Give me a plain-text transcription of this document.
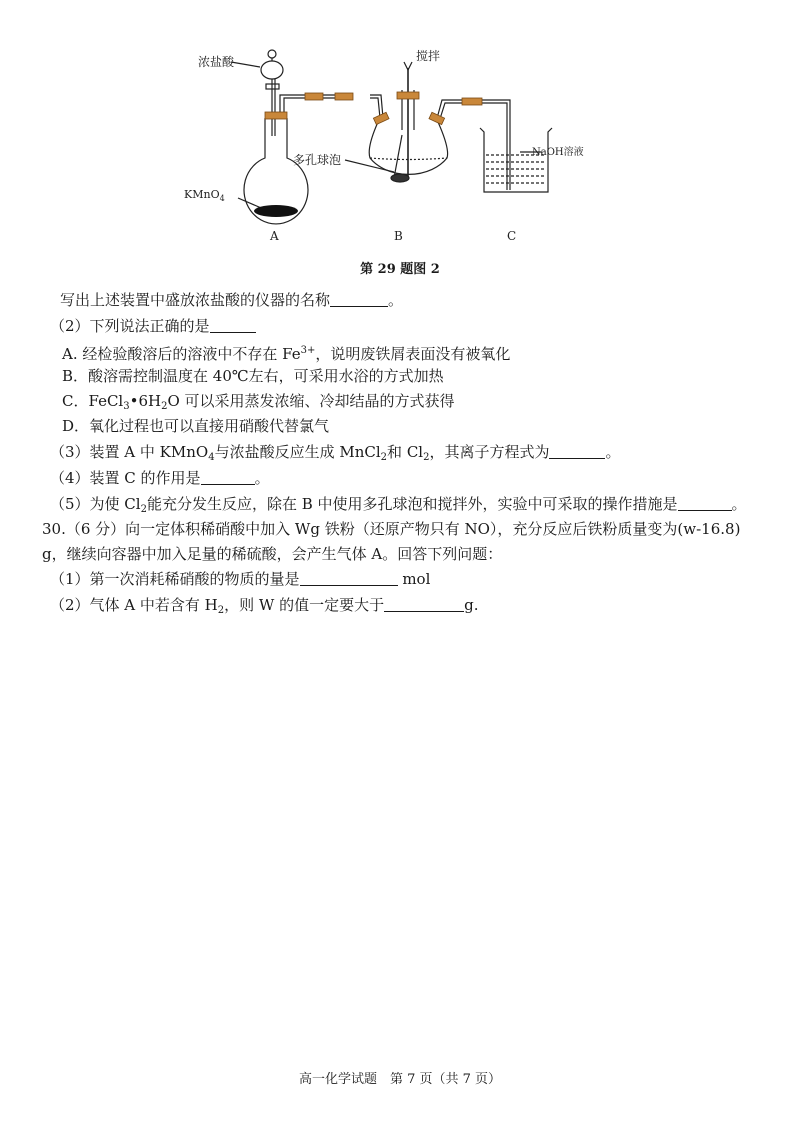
浓盐酸	搅拌
多孔球泡
NaOH溶液
KMnO$_4$
A	B	C
第 29 题图 2
写出上述装置中盛放浓盐酸的仪器的名称	。
（2）下列说法正确的是
A. 经检验酸溶后的溶液中不存在 $Fe^{3+}$，说明废铁屑表面没有被氧化
B．酸溶需控制温度在 40℃左右，可采用水浴的方式加热
C．$FeCl_3•6H_2O$ 可以采用蒸发浓缩、冷却结晶的方式获得
D．氧化过程也可以直接用硝酸代替氯气
（3）装置 A 中 KMnO$_4$与浓盐酸反应生成 MnCl$_2$和 $Cl_2$，其离子方程式为	。
（4）装置 C 的作用是	。
（5）为使 $Cl_2$能充分发生反应，除在 B 中使用多孔球泡和搅拌外，实验中可采取的操作措施是	。
30.（6 分）向一定体积稀硝酸中加入 Wg 铁粉（还原产物只有 NO），充分反应后铁粉质量变为(w-16.8)
g，继续向容器中加入足量的稀硫酸，会产生气体 A。回答下列问题：
（1）第一次消耗稀硝酸的物质的量是	mol
（2）气体 A 中若含有 $H_2$，则 W 的值一定要大于	g.
高一化学试题　第 7 页（共 7 页）
